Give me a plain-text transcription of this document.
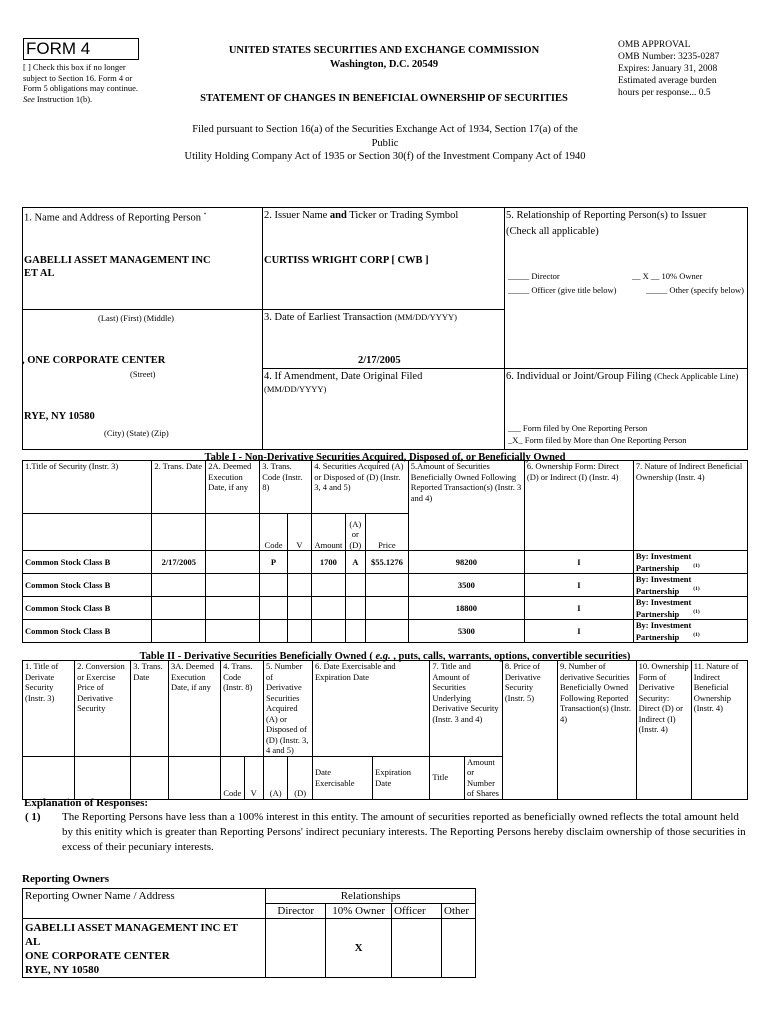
FORM 4
[ ] Check this box if no longer subject to Section 16. Form 4 or Form 5 obligations may continue. See Instruction 1(b).
UNITED STATES SECURITIES AND EXCHANGE COMMISSION
Washington, D.C. 20549
STATEMENT OF CHANGES IN BENEFICIAL OWNERSHIP OF SECURITIES
OMB APPROVAL
OMB Number: 3235-0287
Expires: January 31, 2008
Estimated average burden
hours per response... 0.5
Filed pursuant to Section 16(a) of the Securities Exchange Act of 1934, Section 17(a) of the
Public
Utility Holding Company Act of 1935 or Section 30(f) of the Investment Company Act of 1940
1. Name and Address of Reporting Person *
GABELLI ASSET MANAGEMENT INC
ET AL
(Last) (First) (Middle)
, ONE CORPORATE CENTER
(Street)
RYE, NY 10580
(City) (State) (Zip)
2. Issuer Name and Ticker or Trading Symbol
CURTISS WRIGHT CORP [ CWB ]
3. Date of Earliest Transaction (MM/DD/YYYY)
2/17/2005
4. If Amendment, Date Original Filed
(MM/DD/YYYY)
5. Relationship of Reporting Person(s) to Issuer
(Check all applicable)
_____ Director	__ X __ 10% Owner
_____ Officer (give title below)	_____ Other (specify below)
6. Individual or Joint/Group Filing (Check Applicable Line)
___ Form filed by One Reporting Person
_X_ Form filed by More than One Reporting Person
Table I - Non-Derivative Securities Acquired, Disposed of, or Beneficially Owned
1.Title of Security (Instr. 3)	2. Trans. Date	2A. Deemed Execution Date, if any	3. Trans. Code (Instr. 8)		4. Securities Acquired (A) or Disposed of (D) (Instr. 3, 4 and 5)			5.Amount of Securities Beneficially Owned Following Reported Transaction(s) (Instr. 3 and 4)	6. Ownership Form: Direct (D) or Indirect (I) (Instr. 4)	7. Nature of Indirect Beneficial Ownership (Instr. 4)
			Code	V	Amount	(A) or (D)	Price			
Common Stock Class B	2/17/2005		P		1700	A	$55.1276	98200	I	By: Investment Partnership $^{(1)}$
Common Stock Class B								3500	I	By: Investment Partnership $^{(1)}$
Common Stock Class B								18800	I	By: Investment Partnership $^{(1)}$
Common Stock Class B								5300	I	By: Investment Partnership $^{(1)}$
Table II - Derivative Securities Beneficially Owned ( e.g. , puts, calls, warrants, options, convertible securities)
1. Title of Derivate Security (Instr. 3)	2. Conversion or Exercise Price of Derivative Security	3. Trans. Date	3A. Deemed Execution Date, if any	4. Trans. Code (Instr. 8)		5. Number of Derivative Securities Acquired (A) or Disposed of (D) (Instr. 3, 4 and 5)		6. Date Exercisable and Expiration Date		7. Title and Amount of Securities Underlying Derivative Security (Instr. 3 and 4)		8. Price of Derivative Security (Instr. 5)	9. Number of derivative Securities Beneficially Owned Following Reported Transaction(s) (Instr. 4)	10. Ownership Form of Derivative Security: Direct (D) or Indirect (I) (Instr. 4)	11. Nature of Indirect Beneficial Ownership (Instr. 4)
				Code	V	(A)	(D)	Date Exercisable	Expiration Date	Title	Amount or Number of Shares				
Explanation of Responses:
( 1) The Reporting Persons have less than a 100% interest in this entity. The amount of securities reported as beneficially owned reflects the total amount held by this enitity which is greater than Reporting Persons' indirect pecuniary interests. The Reporting Persons hereby disclaim ownership of those securities in excess of their pecuniary interests.
Reporting Owners
Reporting Owner Name / Address	Relationships			
	Director	10% Owner	Officer	Other

GABELLI ASSET MANAGEMENT INC ET
AL
ONE CORPORATE CENTER
RYE, NY 10580		X		
